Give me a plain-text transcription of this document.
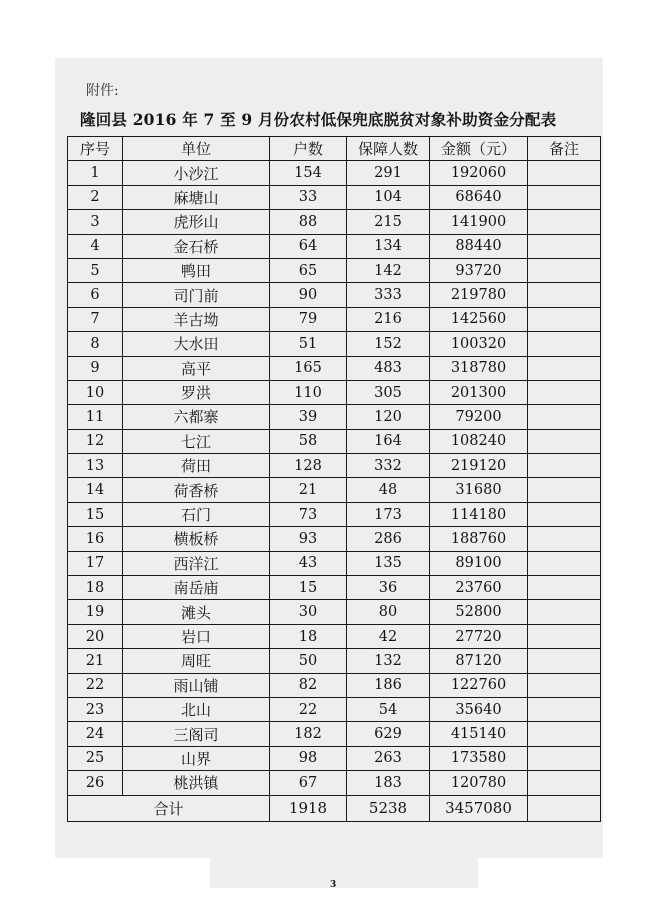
附件:
隆回县 2016 年 7 至 9 月份农村低保兜底脱贫对象补助资金分配表
序号	单位	户数	保障人数	金额（元）	备注
1	小沙江	154	291	192060	
2	麻塘山	33	104	68640	
3	虎形山	88	215	141900	
4	金石桥	64	134	88440	
5	鸭田	65	142	93720	
6	司门前	90	333	219780	
7	羊古坳	79	216	142560	
8	大水田	51	152	100320	
9	高平	165	483	318780	
10	罗洪	110	305	201300	
11	六都寨	39	120	79200	
12	七江	58	164	108240	
13	荷田	128	332	219120	
14	荷香桥	21	48	31680	
15	石门	73	173	114180	
16	横板桥	93	286	188760	
17	西洋江	43	135	89100	
18	南岳庙	15	36	23760	
19	滩头	30	80	52800	
20	岩口	18	42	27720	
21	周旺	50	132	87120	
22	雨山铺	82	186	122760	
23	北山	22	54	35640	
24	三阁司	182	629	415140	
25	山界	98	263	173580	
26	桃洪镇	67	183	120780	
合计		1918	5238	3457080	
3
